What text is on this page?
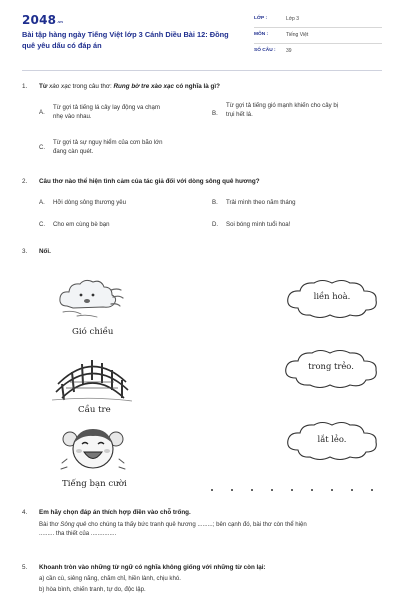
2048 .vn
Bài tập hàng ngày Tiếng Việt lớp 3 Cánh Diều Bài 12: Đồng quê yêu dấu có đáp án
LỚP :	Lớp 3
MÔN :	Tiếng Việt
SỐ CÂU : 39
1. Từ xào xạc trong câu thơ: Rung bờ tre xào xạc có nghĩa là gì?
A.
Từ gợi tả tiếng lá cây lay động va chạm
nhẹ vào nhau.	B.
Từ gợi tả tiếng gió mạnh khiến cho cây bị
trụi hết lá.
C.
Từ gợi tả sự nguy hiểm của cơn bão lớn
đang càn quét.
2. Câu thơ nào thể hiện tình cảm của tác giả đối với dòng sông quê hương?
A. Hỡi dòng sông thương yêu	B. Trải mình theo năm tháng
C. Cho em cùng bè bạn	D. Soi bóng mình tuổi hoa!
3. Nối.
Gió chiều
Cầu tre
Tiếng bạn cười
liền hoà.
trong trẻo.
lắt lẻo.
4. Em hãy chọn đáp án thích hợp điền vào chỗ trống.
Bài thơ Sông quê cho chúng ta thấy bức tranh quê hương .........; bên cạnh đó, bài thơ còn thể hiện
......... tha thiết của ...............
5. Khoanh tròn vào những từ ngữ có nghĩa không giống với những từ còn lại:
a) cần cù, siêng năng, chăm chỉ, hiền lành, chịu khó.
b) hòa bình, chiến tranh, tự do, độc lập.
